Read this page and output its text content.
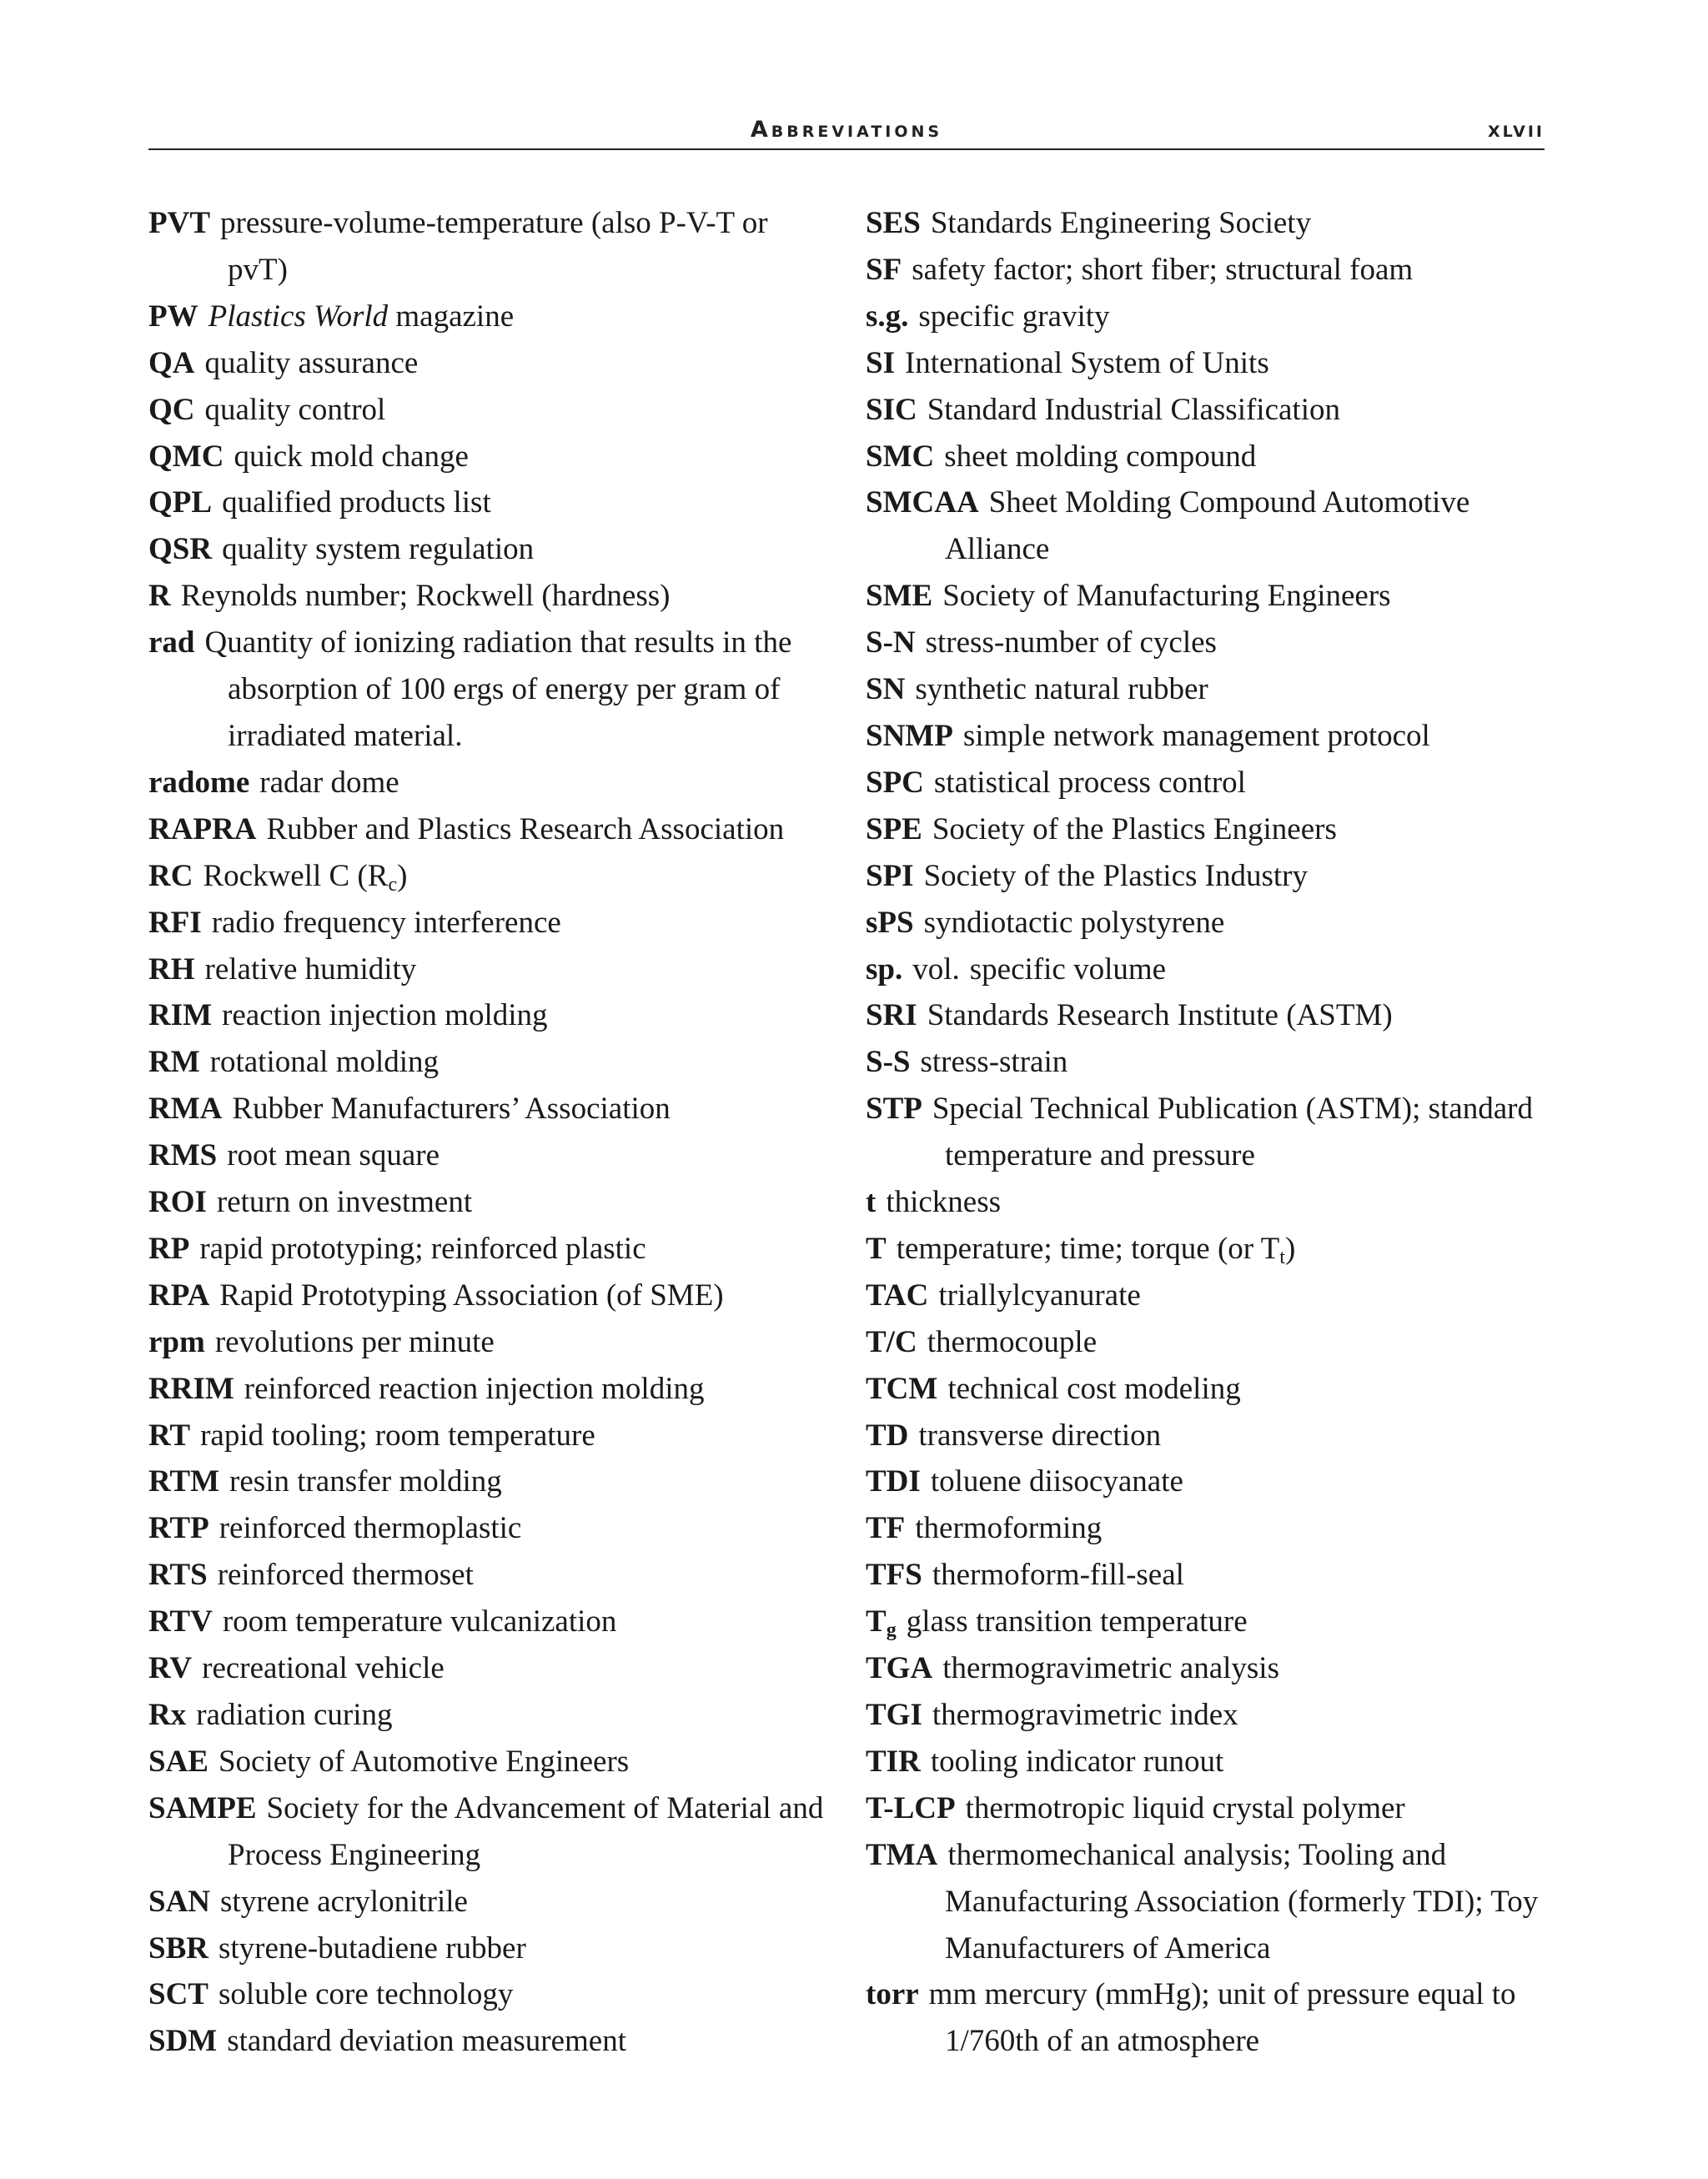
Abbreviations	xlvii
PVT pressure-volume-temperature (also P-V-T or pvT)
PW Plastics World magazine
QA quality assurance
QC quality control
QMC quick mold change
QPL qualified products list
QSR quality system regulation
R Reynolds number; Rockwell (hardness)
rad Quantity of ionizing radiation that results in the absorption of 100 ergs of energy per gram of irradiated material.
radome radar dome
RAPRA Rubber and Plastics Research Association
RC Rockwell C $(R_c)$
RFI radio frequency interference
RH relative humidity
RIM reaction injection molding
RM rotational molding
RMA Rubber Manufacturers’ Association
RMS root mean square
ROI return on investment
RP rapid prototyping; reinforced plastic
RPA Rapid Prototyping Association (of SME)
rpm revolutions per minute
RRIM reinforced reaction injection molding
RT rapid tooling; room temperature
RTM resin transfer molding
RTP reinforced thermoplastic
RTS reinforced thermoset
RTV room temperature vulcanization
RV recreational vehicle
Rx radiation curing
SAE Society of Automotive Engineers
SAMPE Society for the Advancement of Material and Process Engineering
SAN styrene acrylonitrile
SBR styrene-butadiene rubber
SCT soluble core technology
SDM standard deviation measurement
SES Standards Engineering Society
SF safety factor; short fiber; structural foam
s.g. specific gravity
SI International System of Units
SIC Standard Industrial Classification
SMC sheet molding compound
SMCAA Sheet Molding Compound Automotive Alliance
SME Society of Manufacturing Engineers
S-N stress-number of cycles
SN synthetic natural rubber
SNMP simple network management protocol
SPC statistical process control
SPE Society of the Plastics Engineers
SPI Society of the Plastics Industry
sPS syndiotactic polystyrene
sp. vol. specific volume
SRI Standards Research Institute (ASTM)
S-S stress-strain
STP Special Technical Publication (ASTM); standard temperature and pressure
t thickness
T temperature; time; torque (or $T_t$)
TAC triallylcyanurate
T/C thermocouple
TCM technical cost modeling
TD transverse direction
TDI toluene diisocyanate
TF thermoforming
TFS thermoform-fill-seal
$T_g$ glass transition temperature
TGA thermogravimetric analysis
TGI thermogravimetric index
TIR tooling indicator runout
T-LCP thermotropic liquid crystal polymer
TMA thermomechanical analysis; Tooling and Manufacturing Association (formerly TDI); Toy Manufacturers of America
torr mm mercury (mmHg); unit of pressure equal to 1/760th of an atmosphere
